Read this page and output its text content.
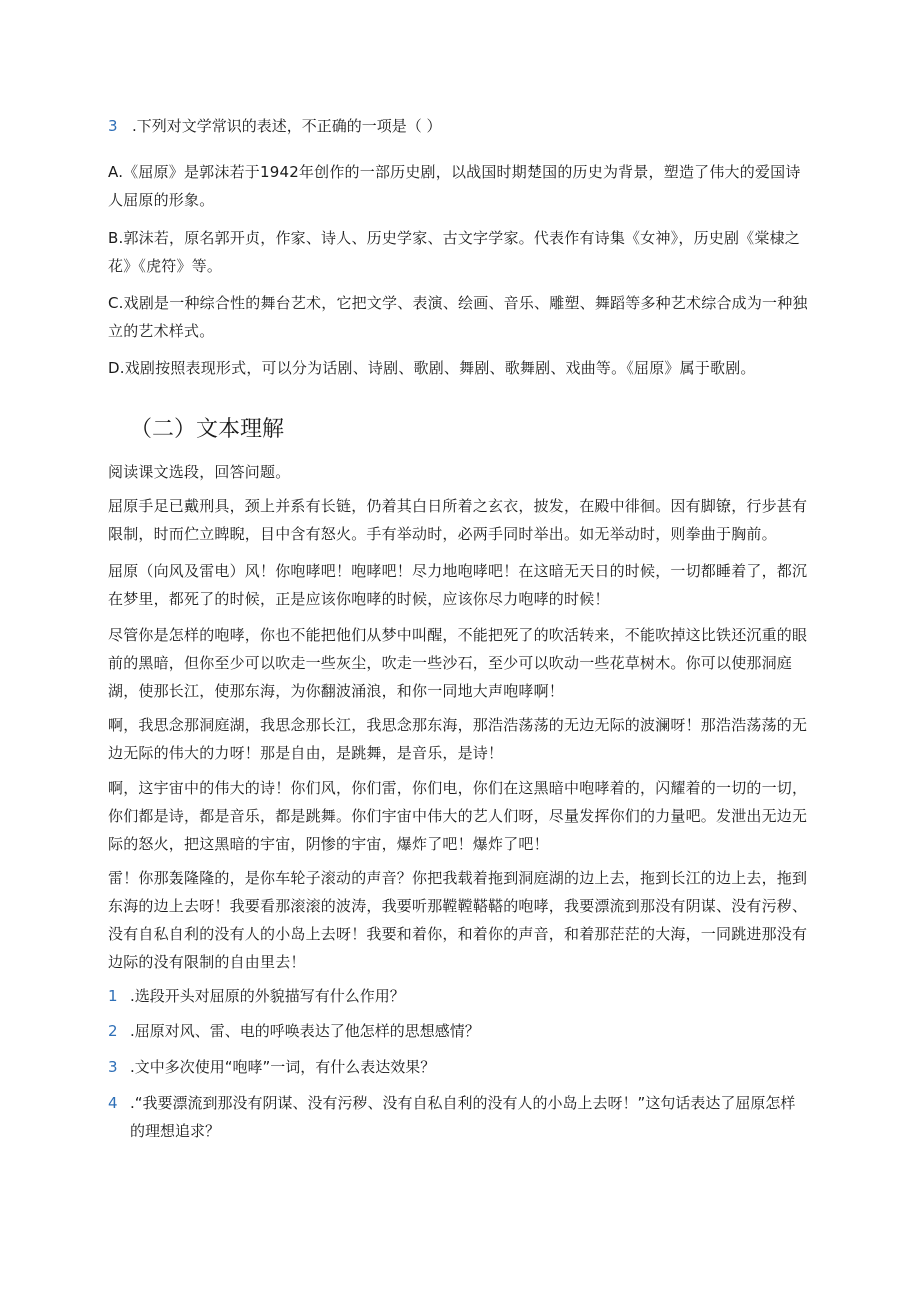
3 .下列对文学常识的表述，不正确的一项是（ ）
A.《屈原》是郭沫若于1942年创作的一部历史剧，以战国时期楚国的历史为背景，塑造了伟大的爱国诗人屈原的形象。
B.郭沫若，原名郭开贞，作家、诗人、历史学家、古文字学家。代表作有诗集《女神》，历史剧《棠棣之花》《虎符》等。
C.戏剧是一种综合性的舞台艺术，它把文学、表演、绘画、音乐、雕塑、舞蹈等多种艺术综合成为一种独立的艺术样式。
D.戏剧按照表现形式，可以分为话剧、诗剧、歌剧、舞剧、歌舞剧、戏曲等。《屈原》属于歌剧。
（二）文本理解
阅读课文选段，回答问题。
屈原手足已戴刑具，颈上并系有长链，仍着其白日所着之玄衣，披发，在殿中徘徊。因有脚镣，行步甚有限制，时而伫立睥睨，目中含有怒火。手有举动时，必两手同时举出。如无举动时，则拳曲于胸前。
屈原（向风及雷电）风！你咆哮吧！咆哮吧！尽力地咆哮吧！在这暗无天日的时候，一切都睡着了，都沉在梦里，都死了的时候，正是应该你咆哮的时候，应该你尽力咆哮的时候！
尽管你是怎样的咆哮，你也不能把他们从梦中叫醒，不能把死了的吹活转来，不能吹掉这比铁还沉重的眼前的黑暗，但你至少可以吹走一些灰尘，吹走一些沙石，至少可以吹动一些花草树木。你可以使那洞庭湖，使那长江，使那东海，为你翻波涌浪，和你一同地大声咆哮啊！
啊，我思念那洞庭湖，我思念那长江，我思念那东海，那浩浩荡荡的无边无际的波澜呀！那浩浩荡荡的无边无际的伟大的力呀！那是自由，是跳舞，是音乐，是诗！
啊，这宇宙中的伟大的诗！你们风，你们雷，你们电，你们在这黑暗中咆哮着的，闪耀着的一切的一切，你们都是诗，都是音乐，都是跳舞。你们宇宙中伟大的艺人们呀，尽量发挥你们的力量吧。发泄出无边无际的怒火，把这黑暗的宇宙，阴惨的宇宙，爆炸了吧！爆炸了吧！
雷！你那轰隆隆的，是你车轮子滚动的声音？你把我载着拖到洞庭湖的边上去，拖到长江的边上去，拖到东海的边上去呀！我要看那滚滚的波涛，我要听那鞺鞺鞳鞳的咆哮，我要漂流到那没有阴谋、没有污秽、没有自私自利的没有人的小岛上去呀！我要和着你，和着你的声音，和着那茫茫的大海，一同跳进那没有边际的没有限制的自由里去！
1 .选段开头对屈原的外貌描写有什么作用？
2 .屈原对风、雷、电的呼唤表达了他怎样的思想感情？
3 .文中多次使用“咆哮”一词，有什么表达效果？
4 .“我要漂流到那没有阴谋、没有污秽、没有自私自利的没有人的小岛上去呀！”这句话表达了屈原怎样的理想追求？
